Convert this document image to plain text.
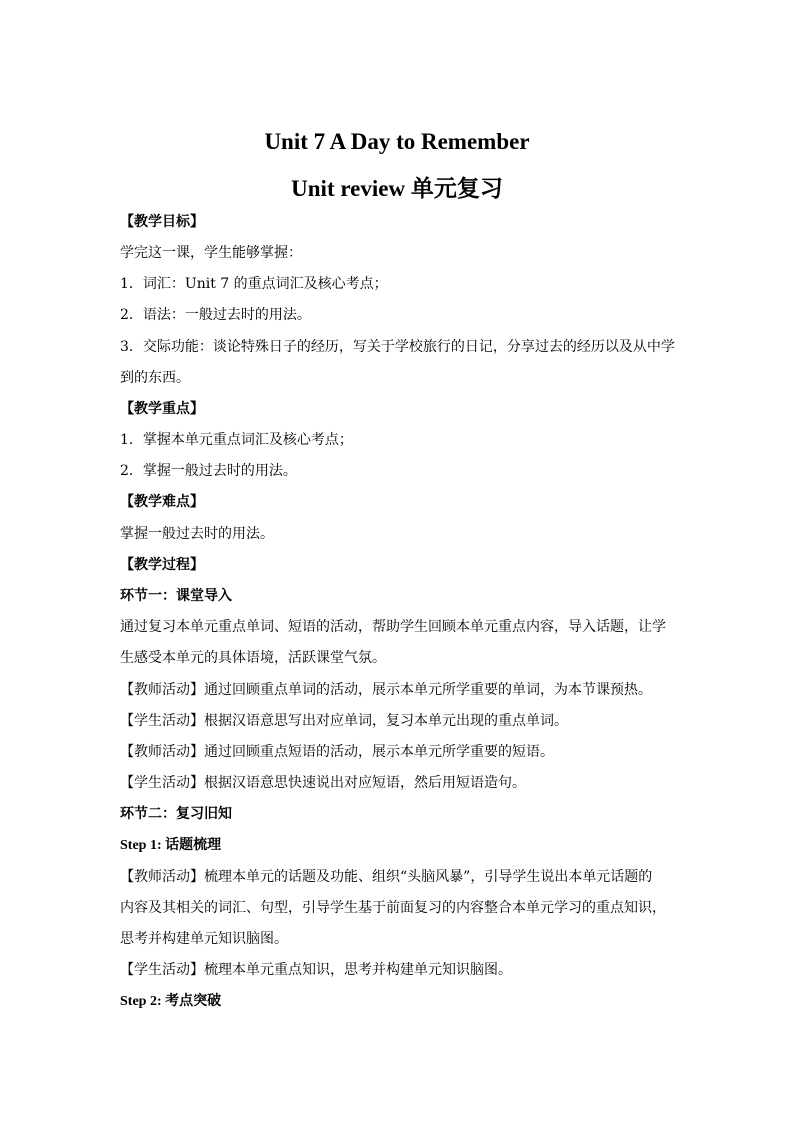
Unit 7 A Day to Remember
Unit review 单元复习
【教学目标】
学完这一课，学生能够掌握：
1．词汇：Unit 7 的重点词汇及核心考点；
2．语法：一般过去时的用法。
3．交际功能：谈论特殊日子的经历，写关于学校旅行的日记，分享过去的经历以及从中学
到的东西。
【教学重点】
1．掌握本单元重点词汇及核心考点；
2．掌握一般过去时的用法。
【教学难点】
掌握一般过去时的用法。
【教学过程】
环节一：课堂导入
通过复习本单元重点单词、短语的活动，帮助学生回顾本单元重点内容，导入话题，让学
生感受本单元的具体语境，活跃课堂气氛。
【教师活动】通过回顾重点单词的活动，展示本单元所学重要的单词，为本节课预热。
【学生活动】根据汉语意思写出对应单词，复习本单元出现的重点单词。
【教师活动】通过回顾重点短语的活动，展示本单元所学重要的短语。
【学生活动】根据汉语意思快速说出对应短语，然后用短语造句。
环节二：复习旧知
Step 1: 话题梳理
【教师活动】梳理本单元的话题及功能、组织“头脑风暴”，引导学生说出本单元话题的
内容及其相关的词汇、句型，引导学生基于前面复习的内容整合本单元学习的重点知识，
思考并构建单元知识脑图。
【学生活动】梳理本单元重点知识，思考并构建单元知识脑图。
Step 2: 考点突破
